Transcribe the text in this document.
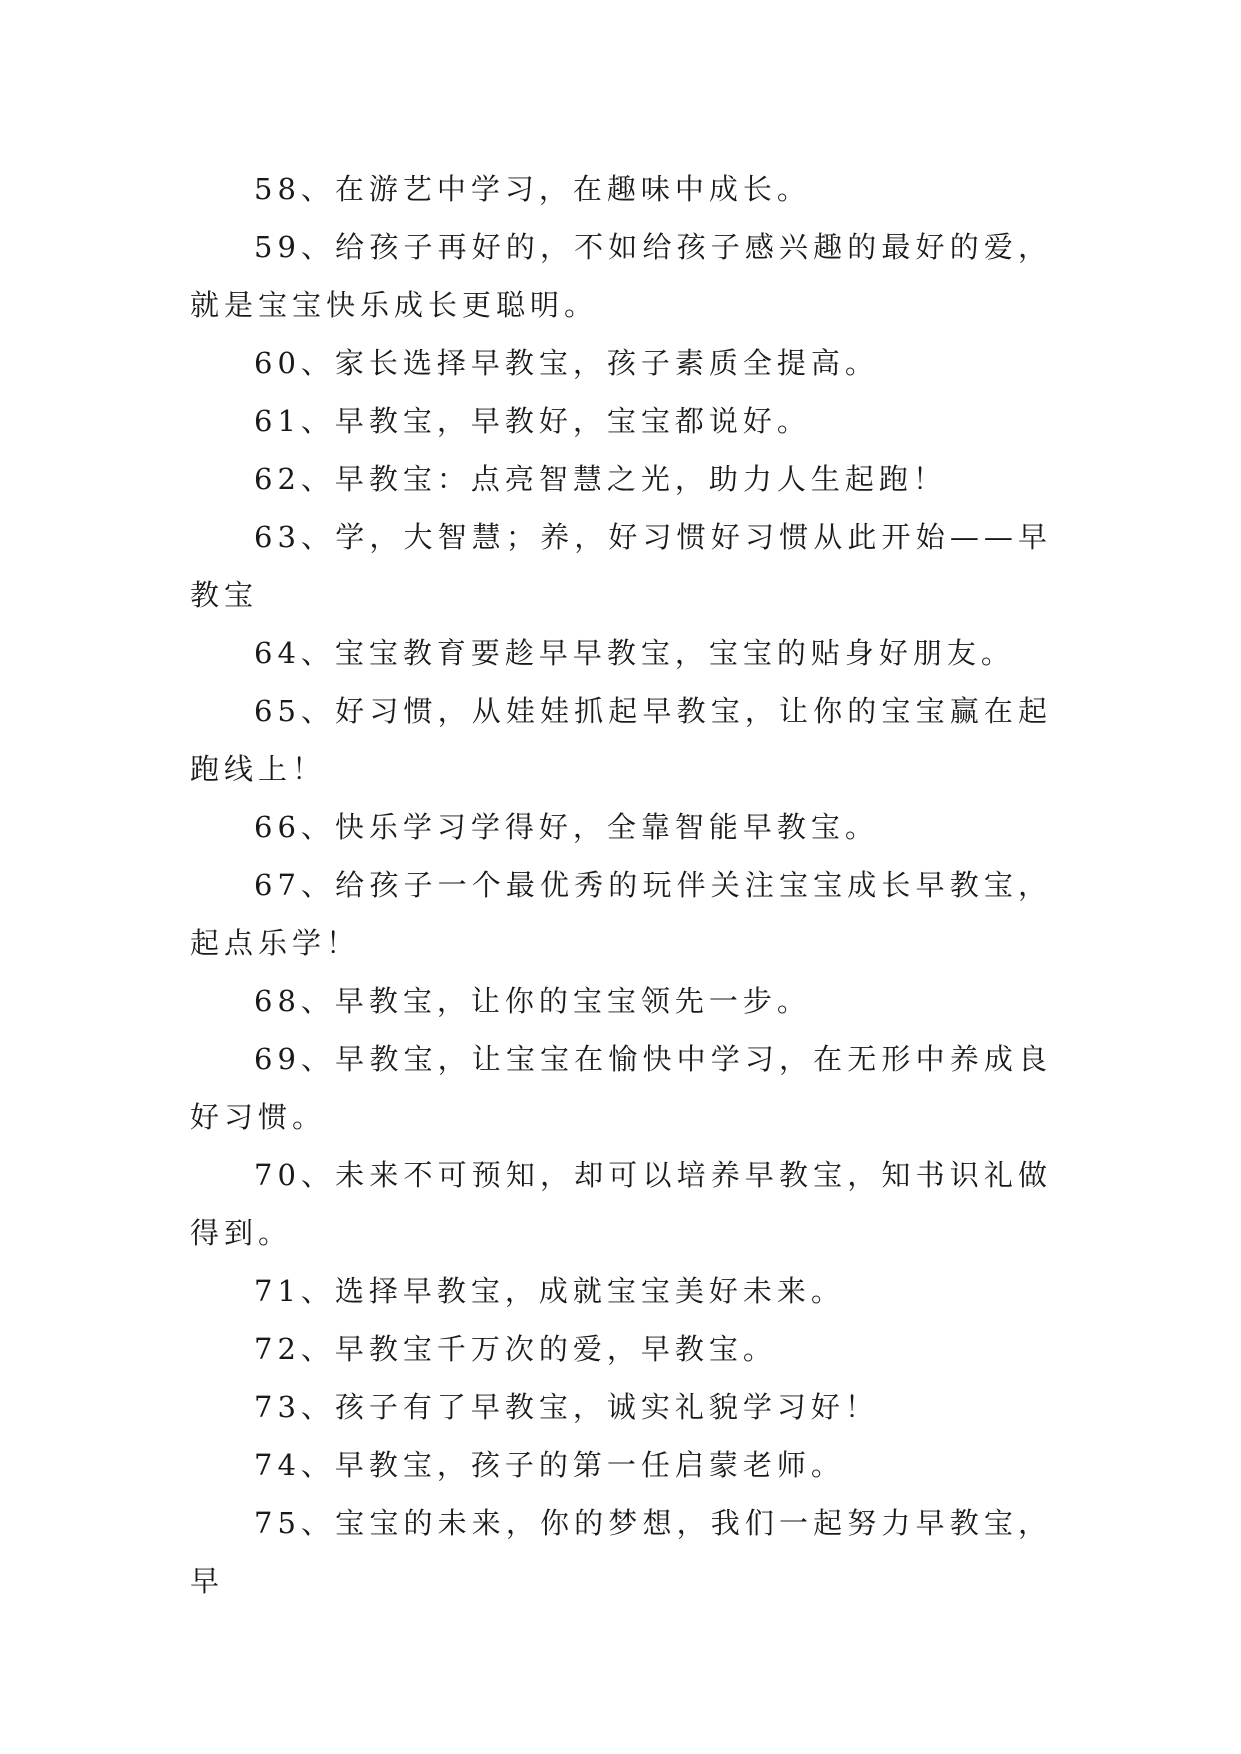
58、在游艺中学习，在趣味中成长。

59、给孩子再好的，不如给孩子感兴趣的最好的爱，就是宝宝快乐成长更聪明。

60、家长选择早教宝，孩子素质全提高。

61、早教宝，早教好，宝宝都说好。

62、早教宝：点亮智慧之光，助力人生起跑！

63、学，大智慧；养，好习惯好习惯从此开始——早教宝

64、宝宝教育要趁早早教宝，宝宝的贴身好朋友。

65、好习惯，从娃娃抓起早教宝，让你的宝宝赢在起跑线上！

66、快乐学习学得好，全靠智能早教宝。

67、给孩子一个最优秀的玩伴关注宝宝成长早教宝，起点乐学！

68、早教宝，让你的宝宝领先一步。

69、早教宝，让宝宝在愉快中学习，在无形中养成良好习惯。

70、未来不可预知，却可以培养早教宝，知书识礼做得到。

71、选择早教宝，成就宝宝美好未来。

72、早教宝千万次的爱，早教宝。

73、孩子有了早教宝，诚实礼貌学习好！

74、早教宝，孩子的第一任启蒙老师。

75、宝宝的未来，你的梦想，我们一起努力早教宝，早
